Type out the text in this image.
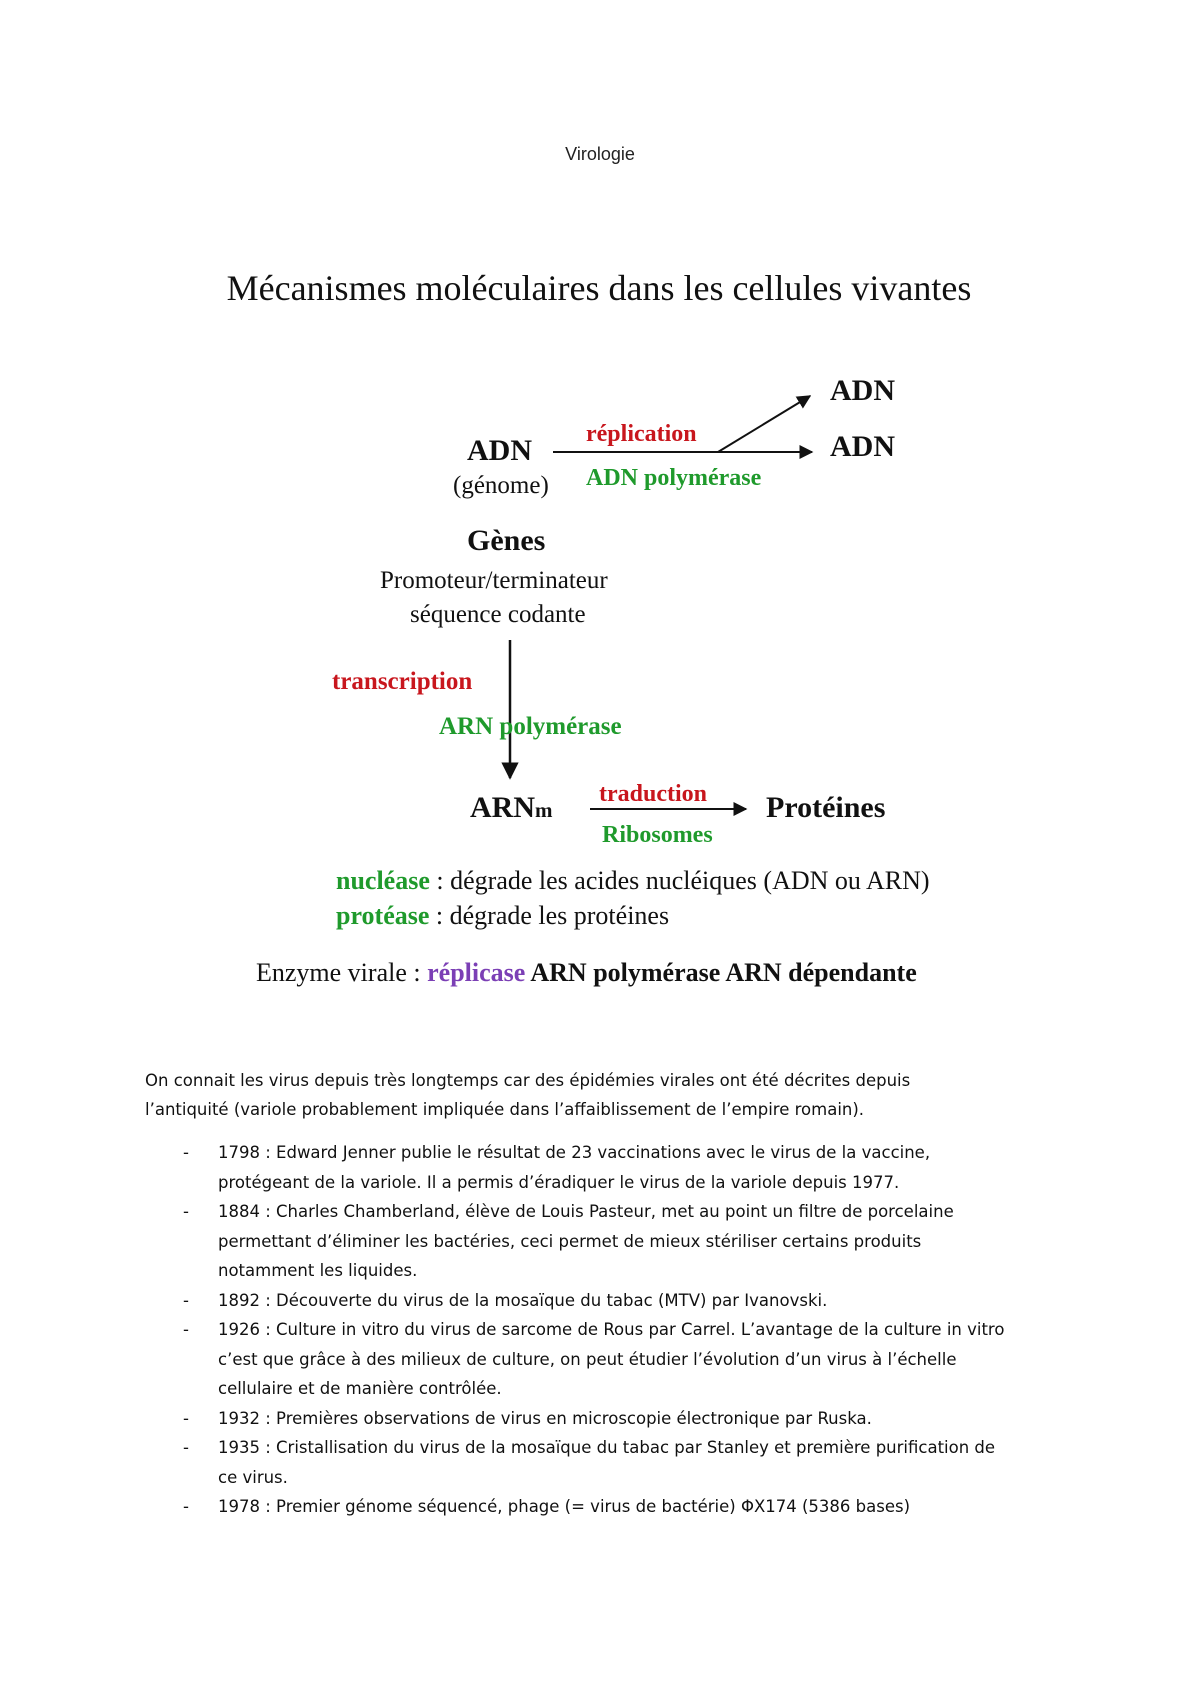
Virologie
Mécanismes moléculaires dans les cellules vivantes
ADN
(génome)
réplication
ADN polymérase
ADN
ADN
Gènes
Promoteur/terminateur
séquence codante
transcription
ARN polymérase
ARNm
traduction
Ribosomes
Protéines
nucléase : dégrade les acides nucléiques (ADN ou ARN)
protéase : dégrade les protéines
Enzyme virale : réplicase ARN polymérase ARN dépendante
On connait les virus depuis très longtemps car des épidémies virales ont été décrites depuis
l’antiquité (variole probablement impliquée dans l’affaiblissement de l’empire romain).
- 1798 : Edward Jenner publie le résultat de 23 vaccinations avec le virus de la vaccine,
protégeant de la variole. Il a permis d’éradiquer le virus de la variole depuis 1977.
- 1884 : Charles Chamberland, élève de Louis Pasteur, met au point un filtre de porcelaine
permettant d’éliminer les bactéries, ceci permet de mieux stériliser certains produits
notamment les liquides.
- 1892 : Découverte du virus de la mosaïque du tabac (MTV) par Ivanovski.
- 1926 : Culture in vitro du virus de sarcome de Rous par Carrel. L’avantage de la culture in vitro
c’est que grâce à des milieux de culture, on peut étudier l’évolution d’un virus à l’échelle
cellulaire et de manière contrôlée.
- 1932 : Premières observations de virus en microscopie électronique par Ruska.
- 1935 : Cristallisation du virus de la mosaïque du tabac par Stanley et première purification de
ce virus.
- 1978 : Premier génome séquencé, phage (= virus de bactérie) ΦX174 (5386 bases)
